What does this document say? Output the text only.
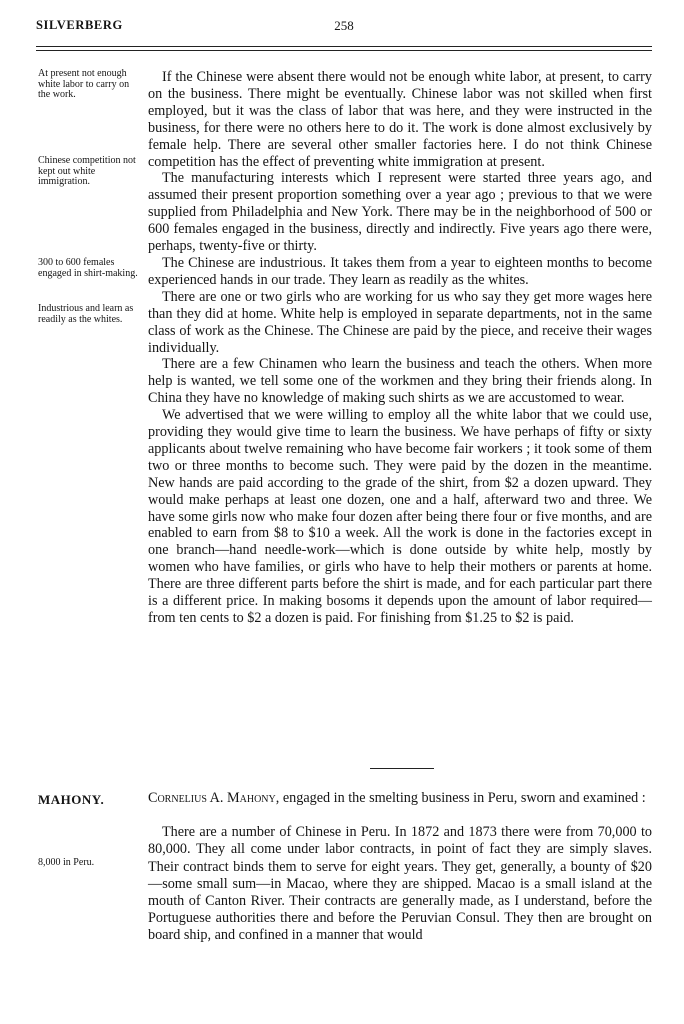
SILVERBERG	258
At present not enough white labor to carry on the work.
Chinese competition not kept out white immigration.
300 to 600 females engaged in shirt-making.
Industrious and learn as readily as the whites.
MAHONY.
8,000 in Peru.

If the Chinese were absent there would not be enough white labor, at present, to carry on the business. There might be eventually. Chinese labor was not skilled when first employed, but it was the class of labor that was here, and they were instructed in the business, for there were no others here to do it. The work is done almost exclusively by female help. There are several other smaller factories here. I do not think Chinese competition has the effect of preventing white immigration at present.

The manufacturing interests which I represent were started three years ago, and assumed their present proportion something over a year ago ; previous to that we were supplied from Philadelphia and New York. There may be in the neighborhood of 500 or 600 females engaged in the business, directly and indirectly. Five years ago there were, perhaps, twenty-five or thirty.

The Chinese are industrious. It takes them from a year to eighteen months to become experienced hands in our trade. They learn as readily as the whites.

There are one or two girls who are working for us who say they get more wages here than they did at home. White help is employed in separate departments, not in the same class of work as the Chinese. The Chinese are paid by the piece, and receive their wages individually.

There are a few Chinamen who learn the business and teach the others. When more help is wanted, we tell some one of the workmen and they bring their friends along. In China they have no knowledge of making such shirts as we are accustomed to wear.

We advertised that we were willing to employ all the white labor that we could use, providing they would give time to learn the business. We have perhaps of fifty or sixty applicants about twelve remaining who have become fair workers ; it took some of them two or three months to become such. They were paid by the dozen in the meantime. New hands are paid according to the grade of the shirt, from $2 a dozen upward. They would make perhaps at least one dozen, one and a half, afterward two and three. We have some girls now who make four dozen after being there four or five months, and are enabled to earn from $8 to $10 a week. All the work is done in the factories except in one branch—hand needle-work—which is done outside by white help, mostly by women who have families, or girls who have to help their mothers or parents at home. There are three different parts before the shirt is made, and for each particular part there is a different price. In making bosoms it depends upon the amount of labor required—from ten cents to $2 a dozen is paid. For finishing from $1.25 to $2 is paid.

Cornelius A. Mahony, engaged in the smelting business in Peru, sworn and examined :

There are a number of Chinese in Peru. In 1872 and 1873 there were from 70,000 to 80,000. They all come under labor contracts, in point of fact they are simply slaves. Their contract binds them to serve for eight years. They get, generally, a bounty of $20—some small sum—in Macao, where they are shipped. Macao is a small island at the mouth of Canton River. Their contracts are generally made, as I understand, before the Portuguese authorities there and before the Peruvian Consul. They then are brought on board ship, and confined in a manner that would
